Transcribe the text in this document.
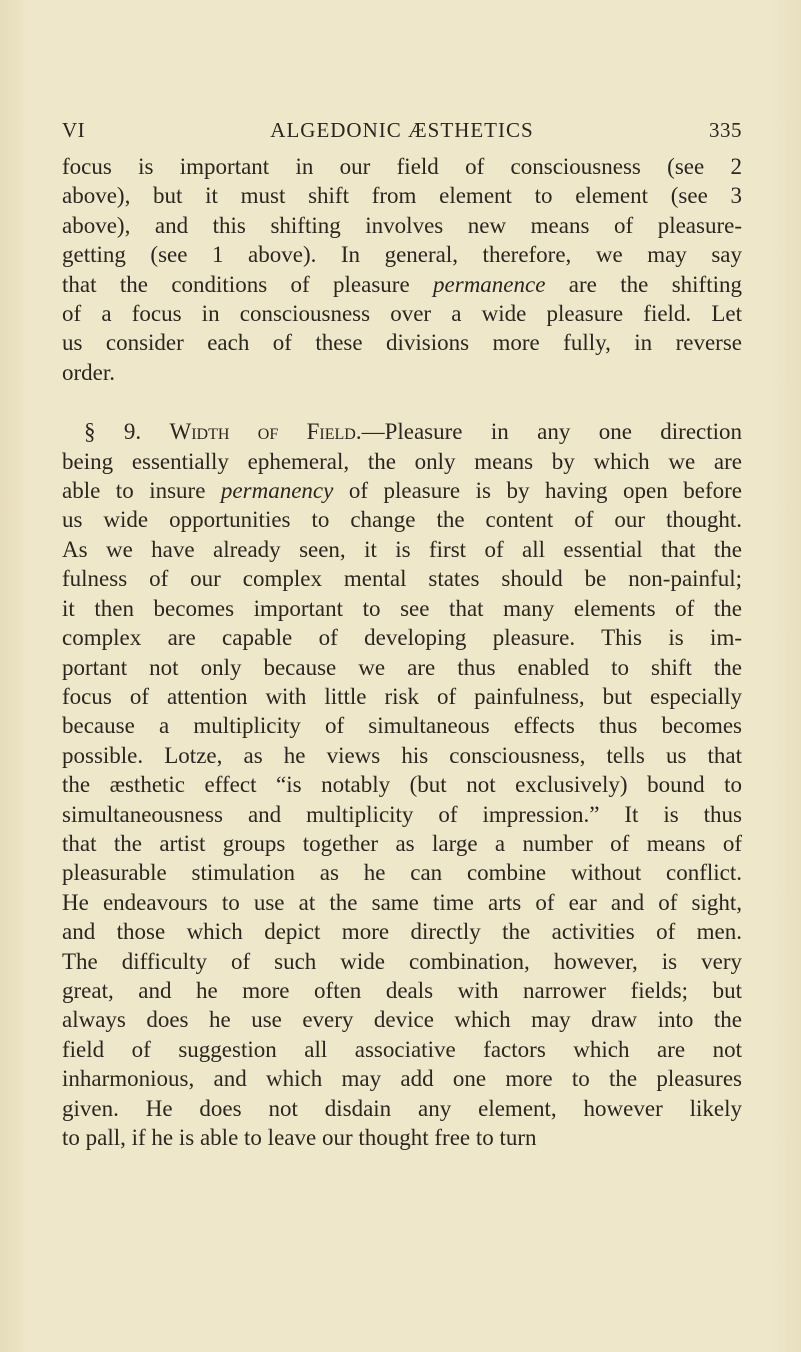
VI	ALGEDONIC ÆSTHETICS	335
focus is important in our field of consciousness (see 2
above), but it must shift from element to element (see 3
above), and this shifting involves new means of pleasure-
getting (see 1 above). In general, therefore, we may say
that the conditions of pleasure permanence are the shifting
of a focus in consciousness over a wide pleasure field. Let
us consider each of these divisions more fully, in reverse
order.
§ 9. Width of Field.—Pleasure in any one direction
being essentially ephemeral, the only means by which we are
able to insure permanency of pleasure is by having open before
us wide opportunities to change the content of our thought.
As we have already seen, it is first of all essential that the
fulness of our complex mental states should be non-painful;
it then becomes important to see that many elements of the
complex are capable of developing pleasure. This is im-
portant not only because we are thus enabled to shift the
focus of attention with little risk of painfulness, but especially
because a multiplicity of simultaneous effects thus becomes
possible. Lotze, as he views his consciousness, tells us that
the æsthetic effect “is notably (but not exclusively) bound to
simultaneousness and multiplicity of impression.” It is thus
that the artist groups together as large a number of means of
pleasurable stimulation as he can combine without conflict.
He endeavours to use at the same time arts of ear and of sight,
and those which depict more directly the activities of men.
The difficulty of such wide combination, however, is very
great, and he more often deals with narrower fields; but
always does he use every device which may draw into the
field of suggestion all associative factors which are not
inharmonious, and which may add one more to the pleasures
given. He does not disdain any element, however likely
to pall, if he is able to leave our thought free to turn
